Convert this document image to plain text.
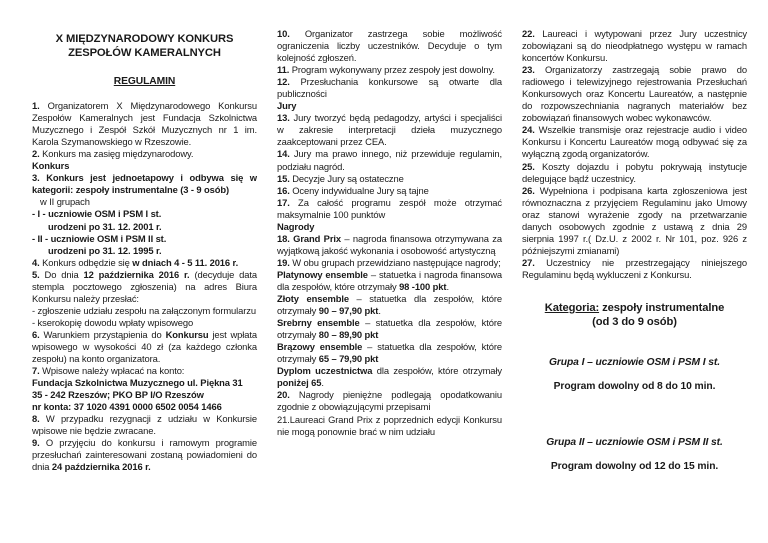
X MIĘDZYNARODOWY KONKURS
ZESPOŁÓW KAMERALNYCH
REGULAMIN

1. Organizatorem X Międzynarodowego Konkursu Zespołów Kameralnych jest Fundacja Szkolnictwa Muzycznego i Zespół Szkół Muzycznych nr 1 im. Karola Szymanowskiego w Rzeszowie.

2. Konkurs ma zasięg międzynarodowy.

Konkurs

3. Konkurs jest jednoetapowy i odbywa się w kategorii: zespoły instrumentalne (3 - 9 osób)

w II grupach

- I - uczniowie OSM i PSM I st.

urodzeni po 31. 12. 2001 r.

- II - uczniowie OSM i PSM II st.

urodzeni po 31. 12. 1995 r.

4. Konkurs odbędzie się w dniach 4 - 5 11. 2016 r.

5. Do dnia 12 października 2016 r. (decyduje data stempla pocztowego zgłoszenia) na adres Biura Konkursu należy przesłać:

- zgłoszenie udziału zespołu na załączonym formularzu

- kserokopię dowodu wpłaty wpisowego

6. Warunkiem przystąpienia do Konkursu jest wpłata wpisowego w wysokości 40 zł (za każdego członka zespołu) na konto organizatora.

7. Wpisowe należy wpłacać na konto:

Fundacja Szkolnictwa Muzycznego ul. Piękna 31

35 - 242 Rzeszów; PKO BP I/O Rzeszów

nr konta: 37 1020 4391 0000 6502 0054 1466

8. W przypadku rezygnacji z udziału w Konkursie wpisowe nie będzie zwracane.

9. O przyjęciu do konkursu i ramowym programie przesłuchań zainteresowani zostaną powiadomieni do dnia 24 października 2016 r.

10. Organizator zastrzega sobie możliwość ograniczenia liczby uczestników. Decyduje o tym kolejność zgłoszeń.

11. Program wykonywany przez zespoły jest dowolny.

12. Przesłuchania konkursowe są otwarte dla publiczności

Jury

13. Jury tworzyć będą pedagodzy, artyści i specjaliści w zakresie interpretacji dzieła muzycznego zaakceptowani przez CEA.

14. Jury ma prawo innego, niż przewiduje regulamin, podziału nagród.

15. Decyzje Jury są ostateczne

16. Oceny indywidualne Jury są tajne

17. Za całość programu zespół może otrzymać maksymalnie 100 punktów

Nagrody

18. Grand Prix – nagroda finansowa otrzymywana za wyjątkową jakość wykonania i osobowość artystyczną

19. W obu grupach przewidziano następujące nagrody;

Platynowy ensemble – statuetka i nagroda finansowa dla zespołów, które otrzymały 98 -100 pkt.

Złoty ensemble – statuetka dla zespołów, które otrzymały 90 – 97,90 pkt.

Srebrny ensemble – statuetka dla zespołów, które otrzymały 80 – 89,90 pkt

Brązowy ensemble – statuetka dla zespołów, które otrzymały 65 – 79,90 pkt

Dyplom uczestnictwa dla zespołów, które otrzymały poniżej 65.

20. Nagrody pieniężne podlegają opodatkowaniu zgodnie z obowiązującymi przepisami

21.Laureaci Grand Prix z poprzednich edycji Konkursu nie mogą ponownie brać w nim udziału

22. Laureaci i wytypowani przez Jury uczestnicy zobowiązani są do nieodpłatnego występu w ramach koncertów Konkursu.

23. Organizatorzy zastrzegają sobie prawo do radiowego i telewizyjnego rejestrowania Przesłuchań Konkursowych oraz Koncertu Laureatów, a następnie do rozpowszechniania nagranych materiałów bez zobowiązań finansowych wobec wykonawców.

24. Wszelkie transmisje oraz rejestracje audio i video Konkursu i Koncertu Laureatów mogą odbywać się za wyłączną zgodą organizatorów.

25. Koszty dojazdu i pobytu pokrywają instytucje delegujące bądź uczestnicy.

26. Wypełniona i podpisana karta zgłoszeniowa jest równoznaczna z przyjęciem Regulaminu jako Umowy oraz stanowi wyrażenie zgody na przetwarzanie danych osobowych zgodnie z ustawą z dnia 29 sierpnia 1997 r.( Dz.U. z 2002 r. Nr 101, poz. 926 z późniejszymi zmianami)

27. Uczestnicy nie przestrzegający niniejszego Regulaminu będą wykluczeni z Konkursu.

Kategoria: zespoły instrumentalne
(od 3 do 9 osób)
Grupa I – uczniowie OSM i PSM I st.
Program dowolny od 8 do 10 min.
Grupa II – uczniowie OSM i PSM II st.
Program dowolny od 12 do 15 min.
